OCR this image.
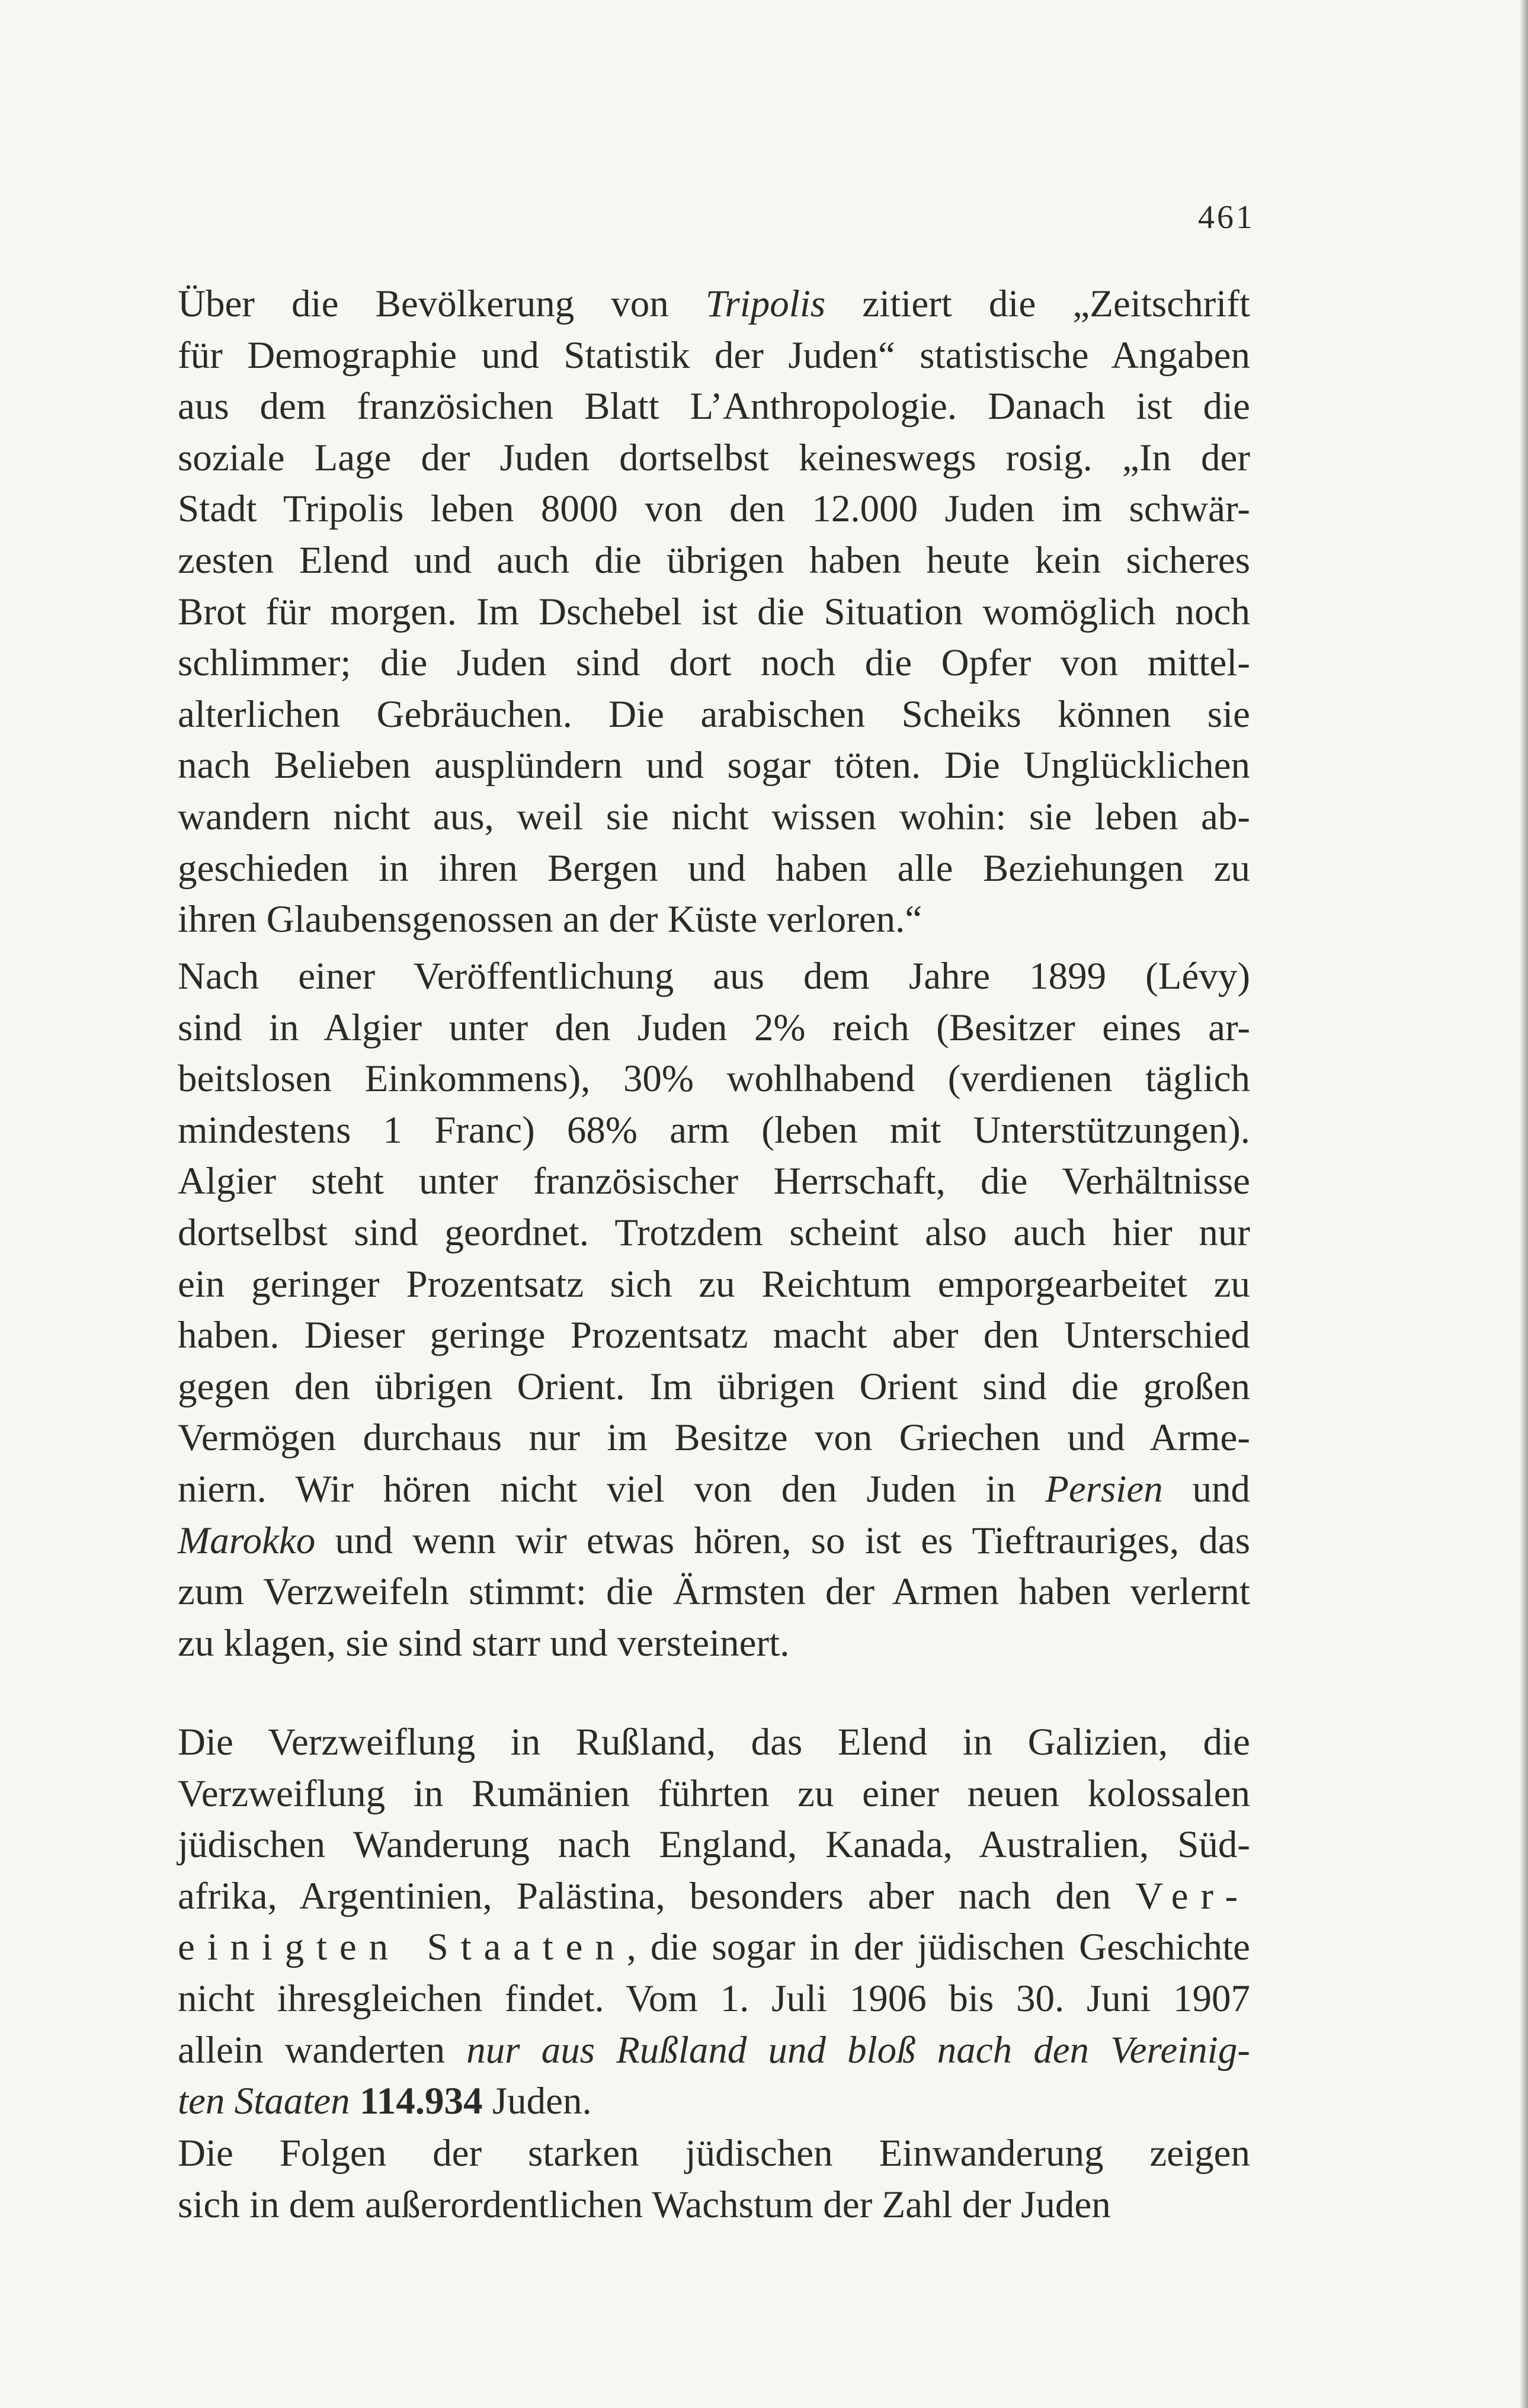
461
Über die Bevölkerung von Tripolis zitiert die „Zeitschrift
für Demographie und Statistik der Juden“ statistische Angaben
aus dem französichen Blatt L’Anthropologie. Danach ist die
soziale Lage der Juden dortselbst keineswegs rosig. „In der
Stadt Tripolis leben 8000 von den 12.000 Juden im schwär-
zesten Elend und auch die übrigen haben heute kein sicheres
Brot für morgen. Im Dschebel ist die Situation womöglich noch
schlimmer; die Juden sind dort noch die Opfer von mittel-
alterlichen Gebräuchen. Die arabischen Scheiks können sie
nach Belieben ausplündern und sogar töten. Die Unglücklichen
wandern nicht aus, weil sie nicht wissen wohin: sie leben ab-
geschieden in ihren Bergen und haben alle Beziehungen zu
ihren Glaubensgenossen an der Küste verloren.“
Nach einer Veröffentlichung aus dem Jahre 1899 (Lévy)
sind in Algier unter den Juden 2% reich (Besitzer eines ar-
beitslosen Einkommens), 30% wohlhabend (verdienen täglich
mindestens 1 Franc) 68% arm (leben mit Unterstützungen).
Algier steht unter französischer Herrschaft, die Verhältnisse
dortselbst sind geordnet. Trotzdem scheint also auch hier nur
ein geringer Prozentsatz sich zu Reichtum emporgearbeitet zu
haben. Dieser geringe Prozentsatz macht aber den Unterschied
gegen den übrigen Orient. Im übrigen Orient sind die großen
Vermögen durchaus nur im Besitze von Griechen und Arme-
niern. Wir hören nicht viel von den Juden in Persien und
Marokko und wenn wir etwas hören, so ist es Tieftrauriges, das
zum Verzweifeln stimmt: die Ärmsten der Armen haben verlernt
zu klagen, sie sind starr und versteinert.
Die Verzweiflung in Rußland, das Elend in Galizien, die
Verzweiflung in Rumänien führten zu einer neuen kolossalen
jüdischen Wanderung nach England, Kanada, Australien, Süd-
afrika, Argentinien, Palästina, besonders aber nach den Ver-
einigten Staaten, die sogar in der jüdischen Geschichte
nicht ihresgleichen findet. Vom 1. Juli 1906 bis 30. Juni 1907
allein wanderten nur aus Rußland und bloß nach den Vereinig-
ten Staaten 114.934 Juden.
Die Folgen der starken jüdischen Einwanderung zeigen
sich in dem außerordentlichen Wachstum der Zahl der Juden
